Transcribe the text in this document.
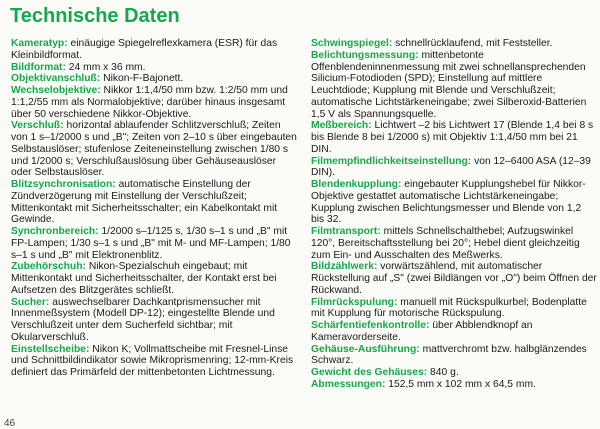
Technische Daten

Kameratyp : einäugige Spiegelreflexkamera (ESR) für das Kleinbildformat.

Bildformat : 24 mm x 36 mm.

Objektivanschluß : Nikon-F-Bajonett.

Wechselobjektive : Nikkor 1:1,4/50 mm bzw. 1:2/50 mm und 1:1,2/55 mm als Normalobjektive; darüber hinaus insgesamt über 50 verschiedene Nikkor-Objektive.

Verschluß : horizontal ablaufender Schlitzverschluß; Zeiten von 1 s–1/2000 s und „B"; Zeiten von 2–10 s über eingebauten Selbstauslöser; stufenlose Zeiteneinstellung zwischen 1/80 s und 1/2000 s; Verschlußauslösung über Gehäuseauslöser oder Selbstauslöser.

Blitzsynchronisation : automatische Einstellung der Zündverzögerung mit Einstellung der Verschlußzeit; Mittenkontakt mit Sicherheitsschalter; ein Kabelkontakt mit Gewinde.

Synchronbereich : 1/2000 s–1/125 s, 1/30 s–1 s und „B" mit FP-Lampen; 1/30 s–1 s und „B" mit M- und MF-Lampen; 1/80 s–1 s und „B" mit Elektronenblitz.

Zubehörschuh : Nikon-Spezialschuh eingebaut; mit Mittenkontakt und Sicherheitsschalter, der Kontakt erst bei Aufsetzen des Blitzgerätes schließt.

Sucher : auswechselbarer Dachkantprismensucher mit Innenmeßsystem (Modell DP-12); eingestellte Blende und Verschlußzeit unter dem Sucherfeld sichtbar; mit Okularverschluß.

Einstellscheibe : Nikon K; Vollmattscheibe mit Fresnel-Linse und Schnittbildindikator sowie Mikroprismenring; 12-mm-Kreis definiert das Primärfeld der mittenbetonten Lichtmessung.

Schwingspiegel : schnellrücklaufend, mit Feststeller.

Belichtungsmessung : mittenbetonte Offenblendeninnenmessung mit zwei schnellansprechenden Silicium-Fotodioden (SPD); Einstellung auf mittlere Leuchtdiode; Kupplung mit Blende und Verschlußzeit; automatische Lichtstärkeneingabe; zwei Silberoxid-Batterien 1,5 V als Spannungsquelle.

Meßbereich : Lichtwert –2 bis Lichtwert 17 (Blende 1,4 bei 8 s bis Blende 8 bei 1/2000 s) mit Objektiv 1:1,4/50 mm bei 21 DIN.

Filmempfindlichkeitseinstellung : von 12–6400 ASA (12–39 DIN).

Blendenkupplung : eingebauter Kupplungshebel für Nikkor-Objektive gestattet automatische Lichtstärkeneingabe; Kupplung zwischen Belichtungsmesser und Blende von 1,2 bis 32.

Filmtransport : mittels Schnellschalthebel; Aufzugswinkel 120°, Bereitschaftsstellung bei 20°; Hebel dient gleichzeitig zum Ein- und Ausschalten des Meßwerks.

Bildzählwerk : vorwärtszählend, mit automatischer Rückstellung auf „S" (zwei Bildlängen vor „O") beim Öffnen der Rückwand.

Filmrückspulung : manuell mit Rückspulkurbel; Bodenplatte mit Kupplung für motorische Rückspulung.

Schärfentiefenkontrolle : über Abblendknopf an Kameravorderseite.

Gehäuse-Ausführung : mattverchromt bzw. halbglänzendes Schwarz.

Gewicht des Gehäuses : 840 g.

Abmessungen : 152,5 mm x 102 mm x 64,5 mm.

46
